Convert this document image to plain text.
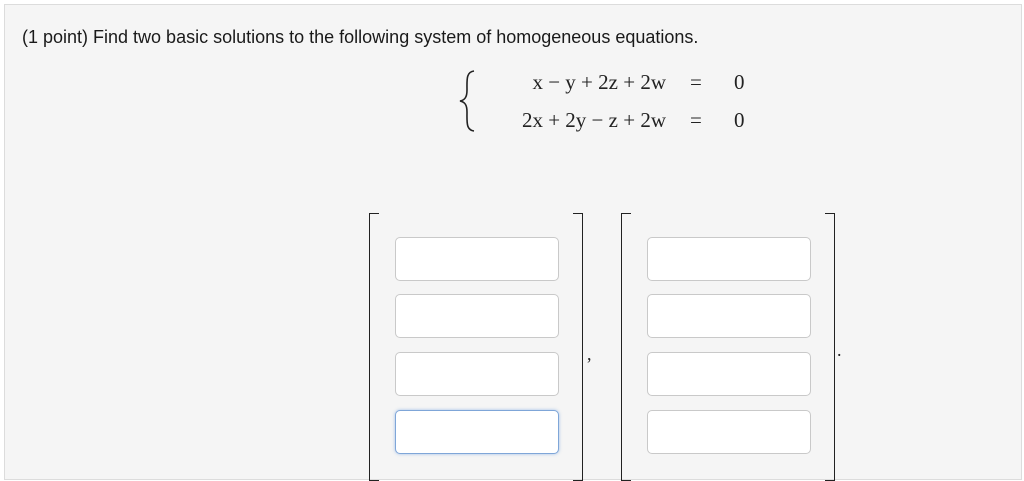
(1 point) Find two basic solutions to the following system of homogeneous equations.
x − y + 2z + 2w = 0
2x + 2y − z + 2w = 0
,	.
